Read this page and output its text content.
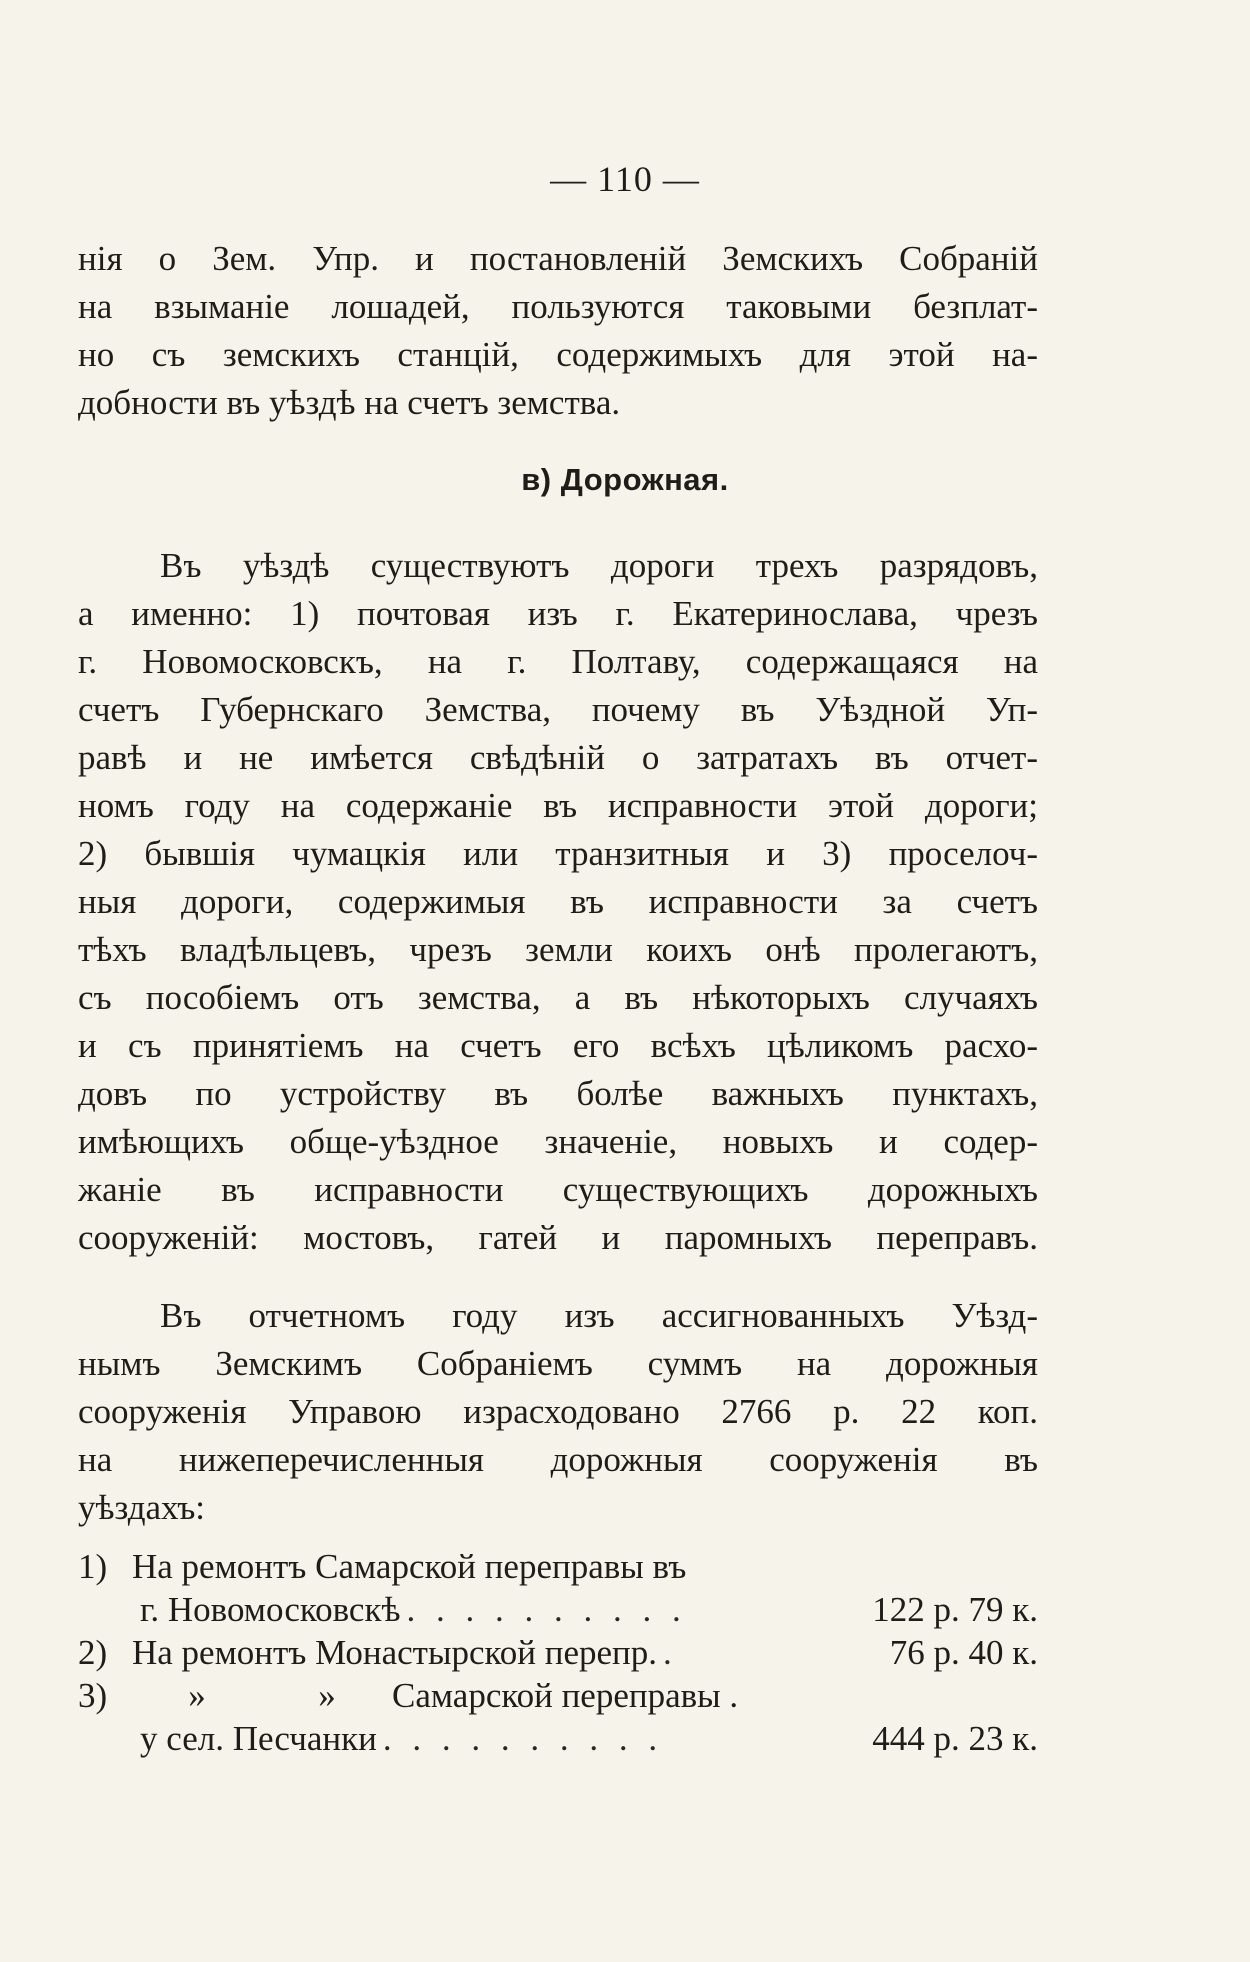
— 110 —
нія о Зем. Упр. и постановленій Земскихъ Собраній
на взыманіе лошадей, пользуются таковыми безплат-
но съ земскихъ станцій, содержимыхъ для этой на-
добности въ уѣздѣ на счетъ земства.
в) Дорожная.
Въ уѣздѣ существуютъ дороги трехъ разрядовъ,
а именно: 1) почтовая изъ г. Екатеринослава, чрезъ
г. Новомосковскъ, на г. Полтаву, содержащаяся на
счетъ Губернскаго Земства, почему въ Уѣздной Уп-
равѣ и не имѣется свѣдѣній о затратахъ въ отчет-
номъ году на содержаніе въ исправности этой дороги;
2) бывшія чумацкія или транзитныя и 3) проселоч-
ныя дороги, содержимыя въ исправности за счетъ
тѣхъ владѣльцевъ, чрезъ земли коихъ онѣ пролегаютъ,
съ пособіемъ отъ земства, а въ нѣкоторыхъ случаяхъ
и съ принятіемъ на счетъ его всѣхъ цѣликомъ расхо-
довъ по устройству въ болѣе важныхъ пунктахъ,
имѣющихъ обще-уѣздное значеніе, новыхъ и содер-
жаніе въ исправности существующихъ дорожныхъ
сооруженій: мостовъ, гатей и паромныхъ переправъ.
Въ отчетномъ году изъ ассигнованныхъ Уѣзд-
нымъ Земскимъ Собраніемъ суммъ на дорожныя
сооруженія Управою израсходовано 2766 р. 22 коп.
на нижеперечисленныя дорожныя сооруженія въ
уѣздахъ:
1) На ремонтъ Самарской переправы въ
г. Новомосковскѣ . . . . . . . . . .	122 р. 79 к.
2) На ремонтъ Монастырской перепр. .	76 р. 40 к.
3)	»	»	Самарской переправы .
у сел. Песчанки . . . . . . . . . .	444 р. 23 к.
